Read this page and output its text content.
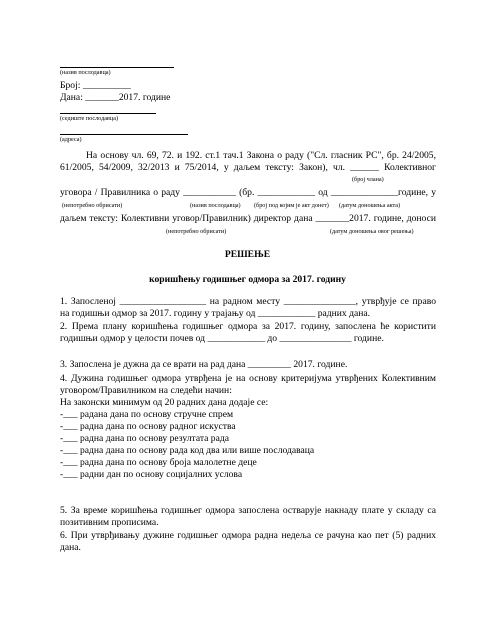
(назив послодавца)
Број: __________
Дана: _______2017. године
(седиште послодавца)
(адреса)
На основу чл. 69, 72. и 192. ст.1 тач.1 Закона о раду ("Сл. гласник РС", бр. 24/2005,
61/2005, 54/2009, 32/2013 и 75/2014, у даљем тексту: Закон), чл. ______ Колективног
(број члана)
уговора / Правилника о раду ___________ (бр. ____________ од ______________године, у
(непотребно обрисати)	(назив послодавца) (број под којим је акт донет) (датум доношења акта)
даљем тексту: Колективни уговор/Правилник) директор дана _______2017. године, доноси
(непотребно обрисати)	(датум доношења овог решења)
РЕШЕЊЕ
коришћењу годишњег одмора за 2017. годину
1. Запосленој __________________ на радном месту _______________, утврђује се право
на годишњи одмор за 2017. годину у трајању од ____________ радних дана.
2. Према плану коришћења годишњег одмора за 2017. годину, запослена ће користити
годишњи одмор у целости почев од ____________ до _______________ године.
3. Запослена је дужна да се врати на рад дана _________ 2017. године.
4. Дужина годишњег одмора утврђена је на основу критеријума утврђених Колективним
уговором/Правилником на следећи начин:
На законски минимум од 20 радних дана додаје се:
-___ радана дана по основу стручне спрем
-___ радна дана по основу радног искуства
-___ радна дана по основу резултата рада
-___ радна дана по основу рада код два или више послодаваца
-___ радна дана по основу броја малолетне деце
-___ радни дан по основу социјалних услова
5. За време коришћења годишњег одмора запослена остварује накнаду плате у складу са
позитивним прописима.
6. При утврђивању дужине годишњег одмора радна недеља се рачуна као пет (5) радних
дана.
